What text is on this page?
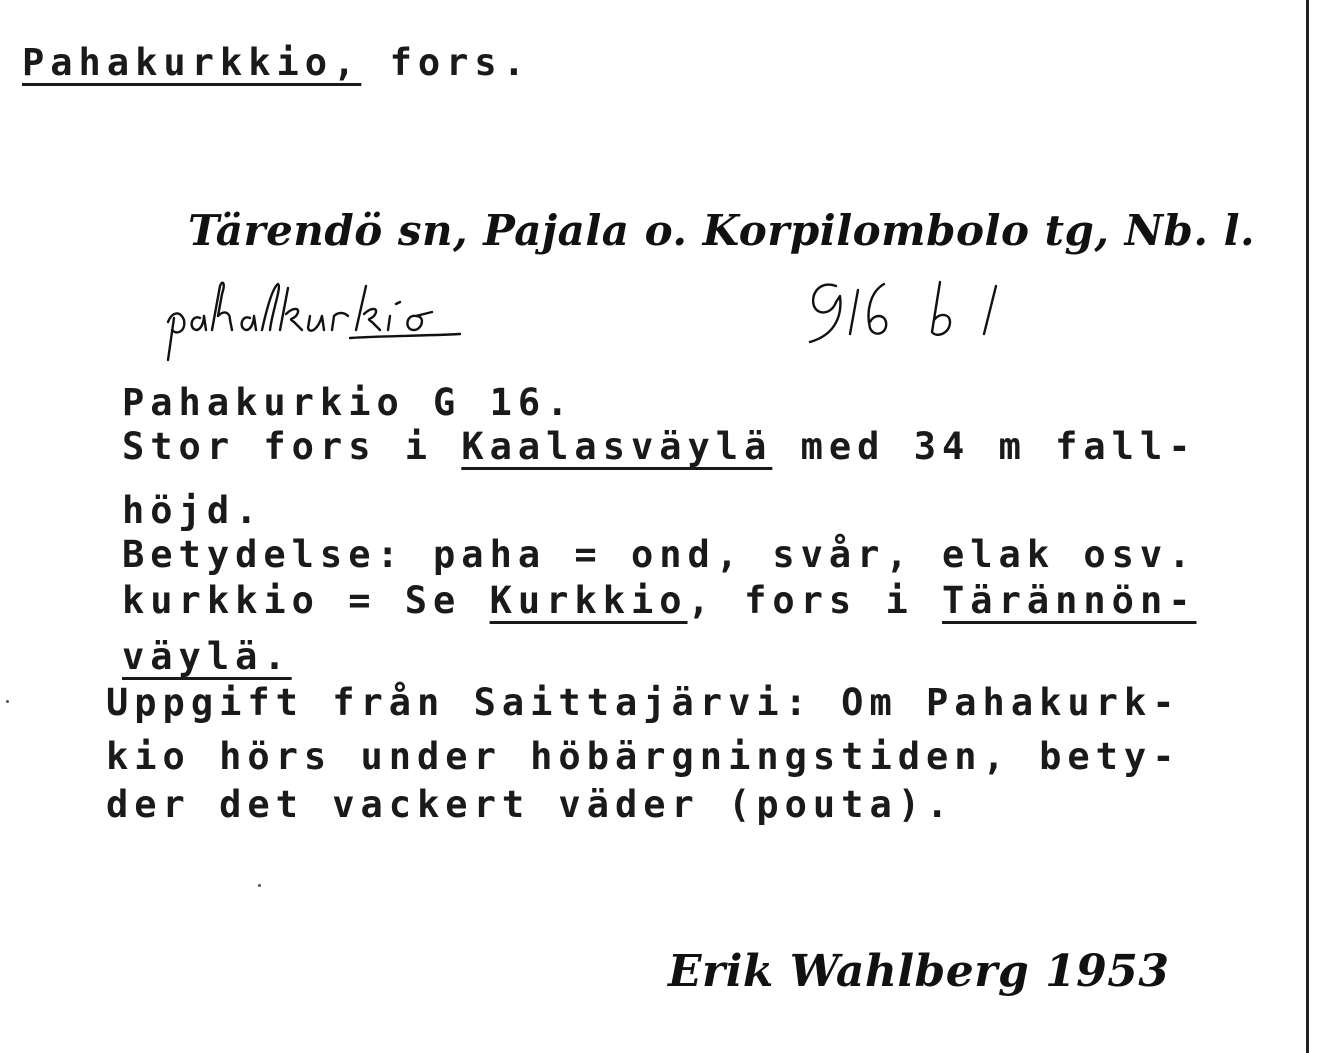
Pahakurkkio, fors.
Tärendö sn, Pajala o. Korpilombolo tg, Nb. l.
Pahakurkio G 16.
Stor fors i Kaalasväylä med 34 m fall-
höjd.
Betydelse: paha = ond, svår, elak osv.
kurkkio = Se Kurkkio, fors i Tärännön-
väylä.
Uppgift från Saittajärvi: Om Pahakurk-
kio hörs under höbärgningstiden, bety-
der det vackert väder (pouta).
Erik Wahlberg 1953
